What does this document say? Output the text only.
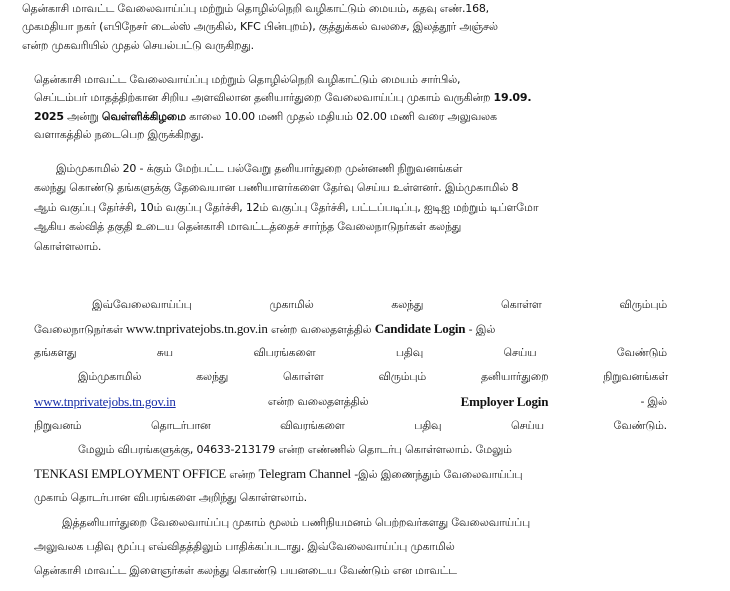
தென்காசி மாவட்ட வேலைவாய்ப்பு மற்றும் தொழில்நெறி வழிகாட்டும் மையம், கதவு எண்.168,
முகமதியா நகர் (எபிநேசர் டைல்ஸ் அருகில், KFC பின்புறம்), குத்துக்கல் வலசை, இலத்தூர் அஞ்சல்
என்ற முகவரியில் முதல் செயல்பட்டு வருகிறது.
தென்காசி மாவட்ட வேலைவாய்ப்பு மற்றும் தொழில்நெறி வழிகாட்டும் மையம் சார்பில்,
செப்டம்பர் மாதத்திற்கான சிறிய அளவிலான தனியார்துறை வேலைவாய்ப்பு முகாம் வருகின்ற 19.09.
2025 அன்று வெள்ளிக்கிழமை காலை 10.00 மணி முதல் மதியம் 02.00 மணி வரை அலுவலக
வளாகத்தில் நடைபெற இருக்கிறது.
இம்முகாமில் 20 - க்கும் மேற்பட்ட பல்வேறு தனியார்துறை முன்னணி நிறுவனங்கள்
கலந்து கொண்டு தங்களுக்கு தேவையான பணியாளர்களை தேர்வு செய்ய உள்ளனர். இம்முகாமில் 8
ஆம் வகுப்பு தேர்ச்சி, 10ம் வகுப்பு தேர்ச்சி, 12ம் வகுப்பு தேர்ச்சி, பட்டப்படிப்பு, ஐடிஐ மற்றும் டிப்ளமோ
ஆகிய கல்வித் தகுதி உடைய தென்காசி மாவட்டத்தைச் சார்ந்த வேலைநாடுநர்கள் கலந்து
கொள்ளலாம்.
இவ்வேலைவாய்ப்பு	முகாமில்	கலந்து	கொள்ள	விரும்பும்
வேலைநாடுநர்கள் www.tnprivatejobs.tn.gov.in என்ற வலைதளத்தில் Candidate Login - இல்
தங்களது	சுய	விபரங்களை	பதிவு	செய்ய	வேண்டும்
இம்முகாமில்	கலந்து	கொள்ள	விரும்பும்	தனியார்துறை	நிறுவனங்கள்
www.tnprivatejobs.tn.gov.in	என்ற வலைதளத்தில்	Employer Login	- இல்
நிறுவனம்	தொடர்பான	விவரங்களை	பதிவு	செய்ய	வேண்டும்.
மேலும் விபரங்களுக்கு, 04633-213179 என்ற எண்ணில் தொடர்பு கொள்ளலாம். மேலும்
TENKASI EMPLOYMENT OFFICE என்ற Telegram Channel -இல் இணைந்தும் வேலைவாய்ப்பு
முகாம் தொடர்பான விபரங்களை அறிந்து கொள்ளலாம்.
இத்தனியார்துறை வேலைவாய்ப்பு முகாம் மூலம் பணிநியமனம் பெற்றவர்களது வேலைவாய்ப்பு
அலுவலக பதிவு மூப்பு எவ்விதத்திலும் பாதிக்கப்படாது. இவ்வேலைவாய்ப்பு முகாமில்
தென்காசி மாவட்ட இளைஞர்கள் கலந்து கொண்டு பயனடைய வேண்டும் என மாவட்ட
